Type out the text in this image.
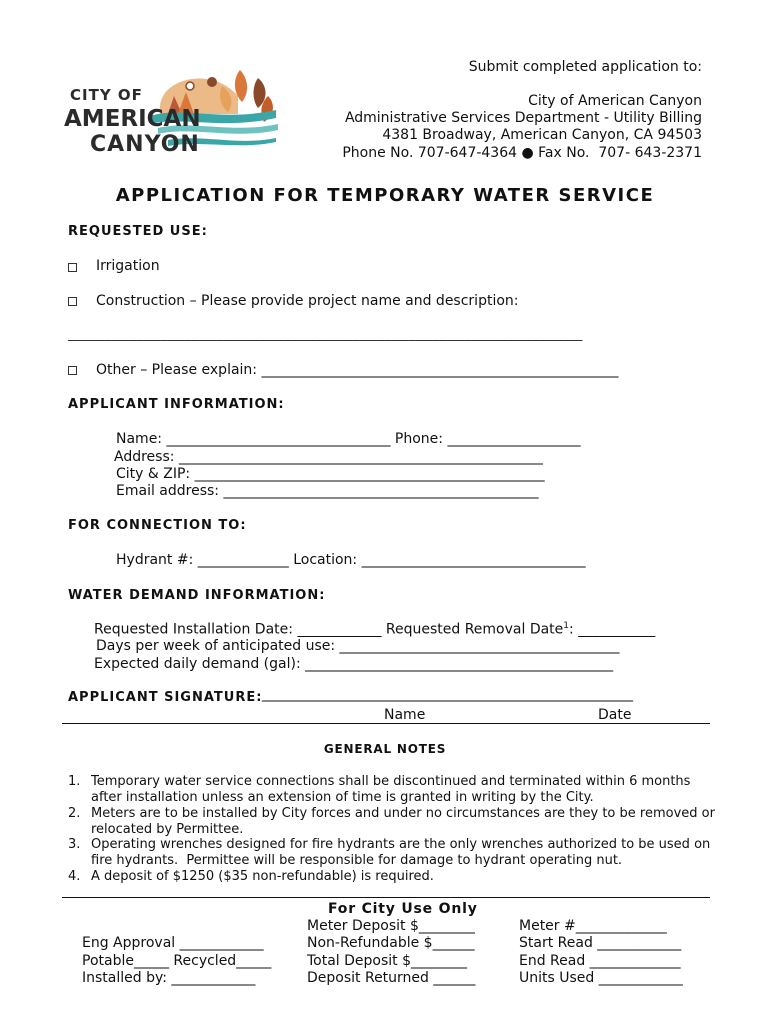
CITY OF
AMERICAN
CANYON
Submit completed application to:
City of American Canyon
Administrative Services Department - Utility Billing
4381 Broadway, American Canyon, CA 94503
Phone No. 707-647-4364 ● Fax No.  707- 643-2371
APPLICATION FOR TEMPORARY WATER SERVICE
REQUESTED USE:
Irrigation
Construction – Please provide project name and description:
___________________________________________________________________________________
Other – Please explain: ___________________________________________________
APPLICANT INFORMATION:
Name: ________________________________ Phone: ___________________
Address: ____________________________________________________
City & ZIP: __________________________________________________
Email address: _____________________________________________
FOR CONNECTION TO:
Hydrant #: _____________ Location: ________________________________
WATER DEMAND INFORMATION:
Requested Installation Date: ____________ Requested Removal Date$^1$: ___________
Days per week of anticipated use: ________________________________________
Expected daily demand (gal): ____________________________________________
APPLICANT SIGNATURE: _____________________________________________________
Name	Date
GENERAL NOTES
1. Temporary water service connections shall be discontinued and terminated within 6 months
after installation unless an extension of time is granted in writing by the City.
2. Meters are to be installed by City forces and under no circumstances are they to be removed or
relocated by Permittee.
3. Operating wrenches designed for fire hydrants are the only wrenches authorized to be used on
fire hydrants.  Permittee will be responsible for damage to hydrant operating nut.
4. A deposit of $1250 ($35 non-refundable) is required.
For City Use Only
Eng Approval ____________
Potable_____ Recycled_____
Installed by: ____________
Meter Deposit $________
Non-Refundable $______
Total Deposit $________
Deposit Returned ______
Meter #_____________
Start Read ____________
End Read _____________
Units Used ____________
